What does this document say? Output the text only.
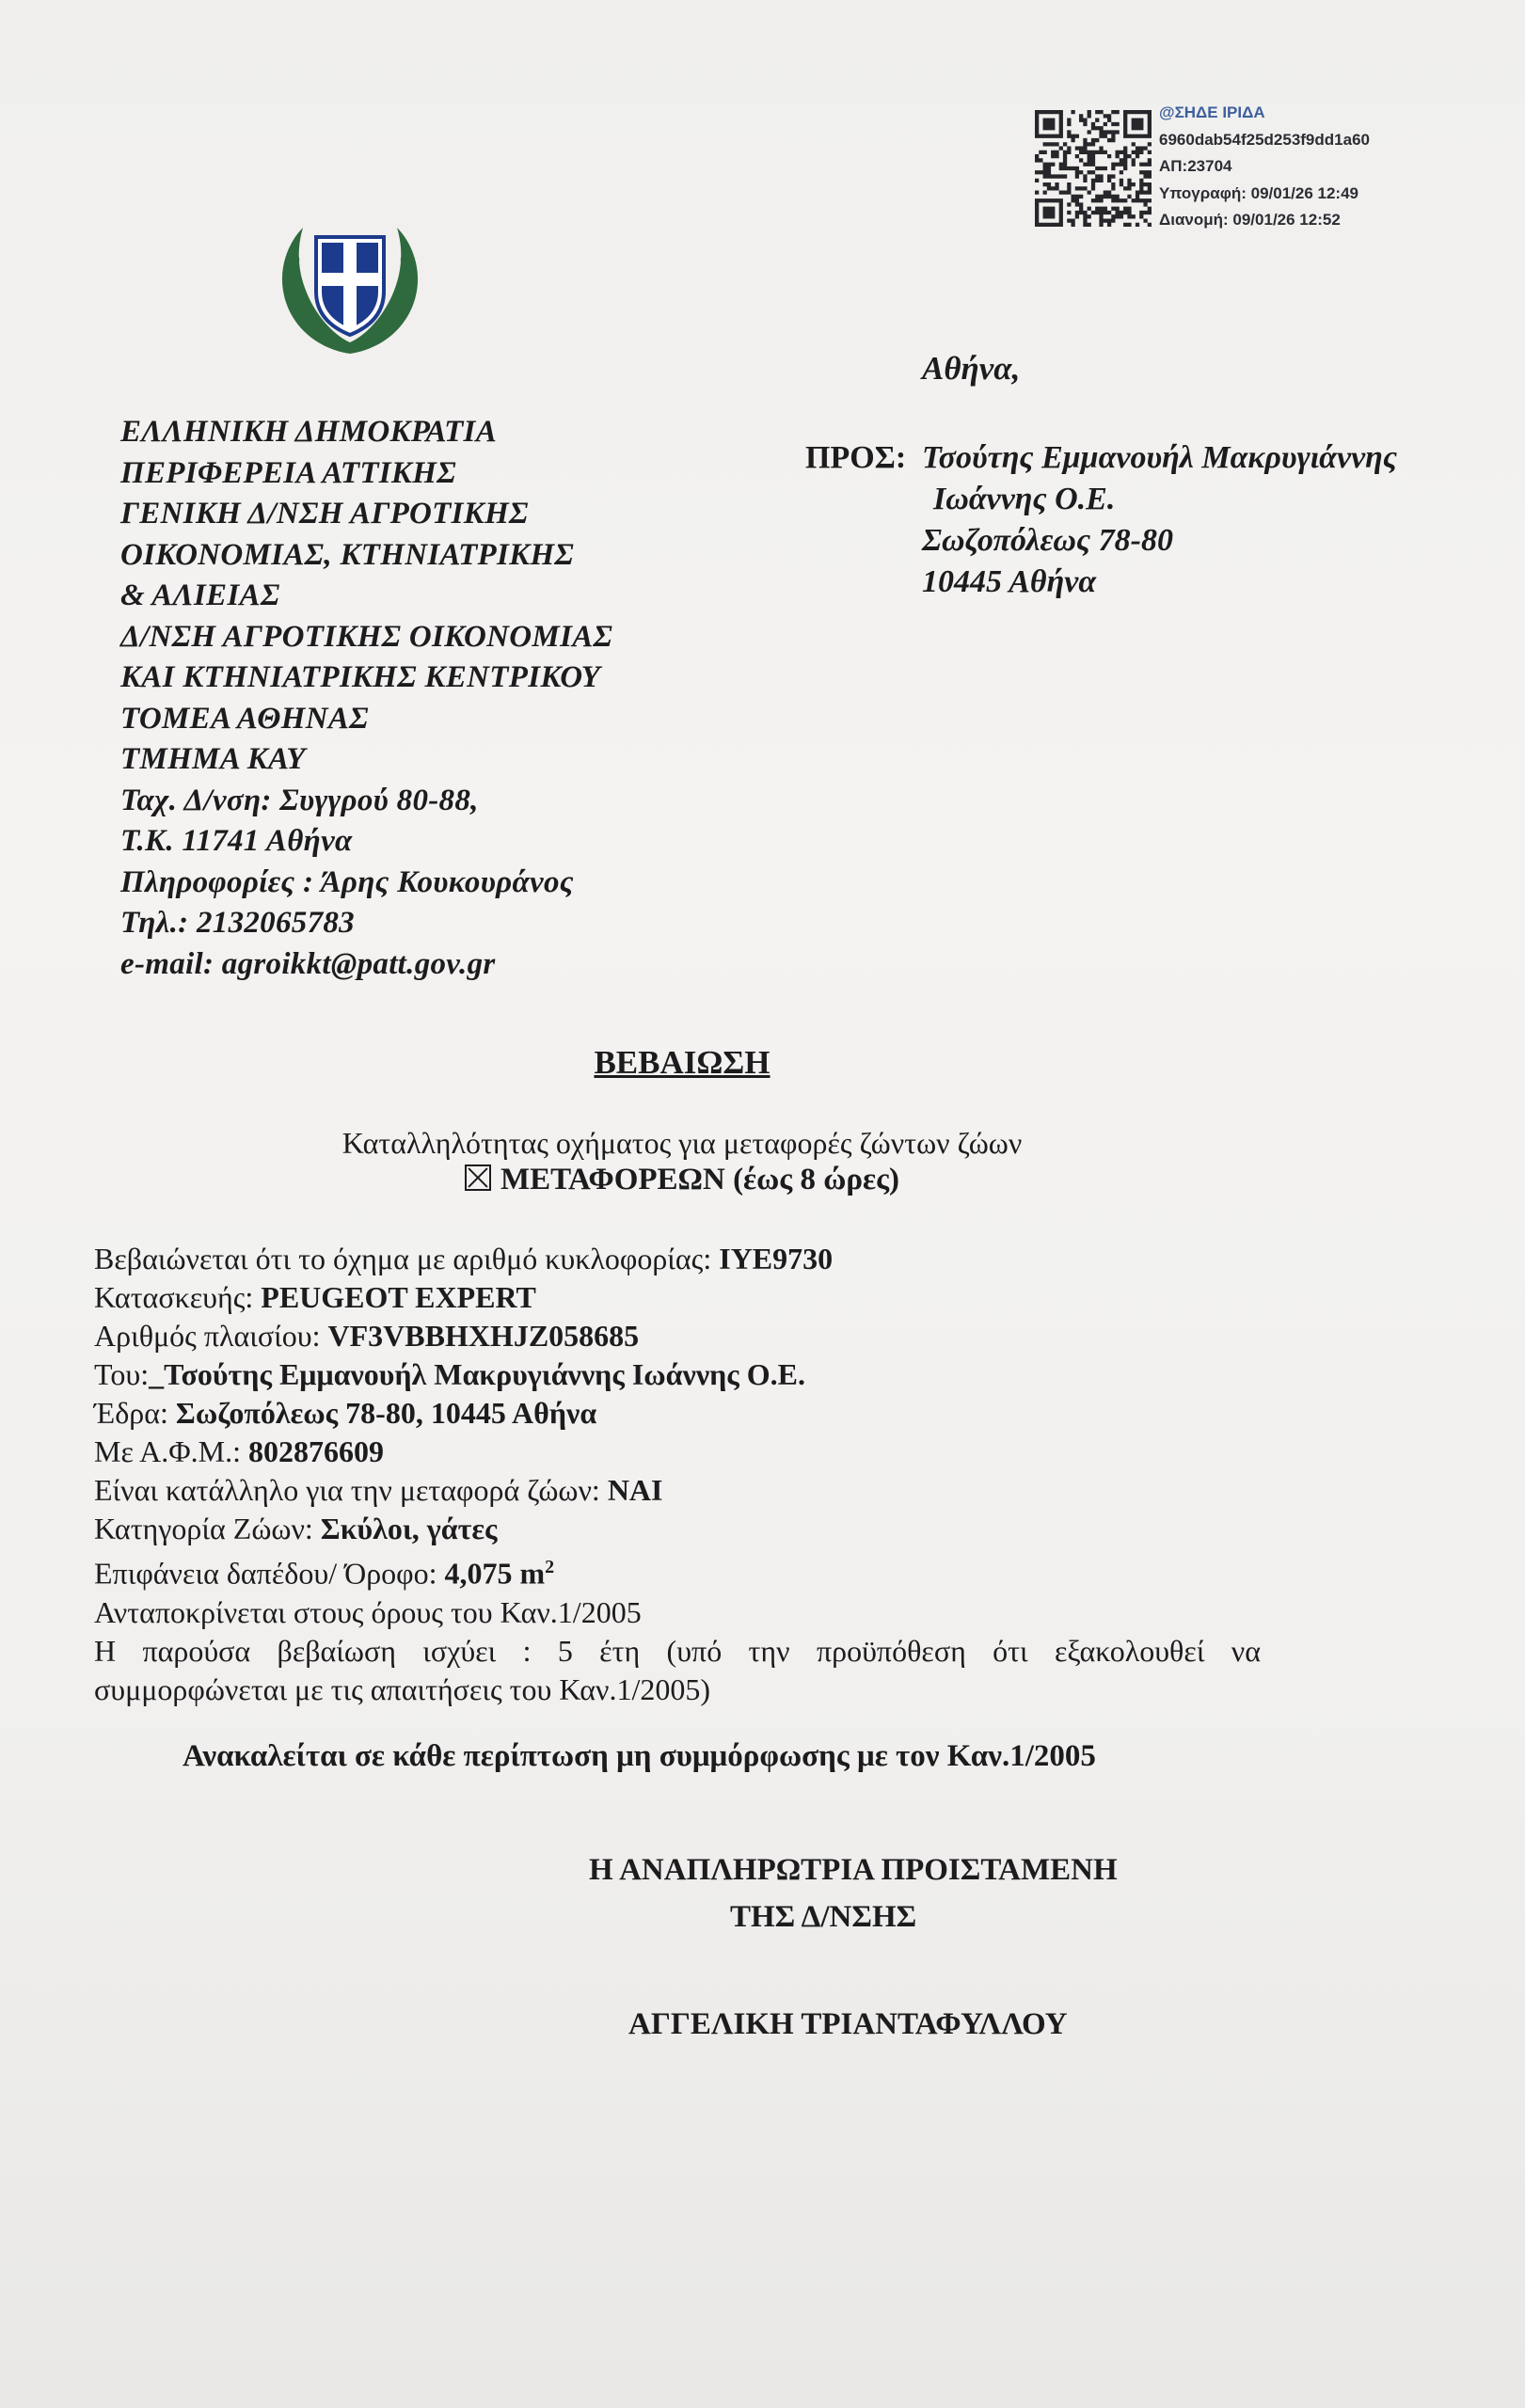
@ΣΗΔΕ ΙΡΙΔΑ
6960dab54f25d253f9dd1a60
ΑΠ:23704
Υπογραφή: 09/01/26 12:49
Διανομή: 09/01/26 12:52
ΕΛΛΗΝΙΚΗ ΔΗΜΟΚΡΑΤΙΑ
ΠΕΡΙΦΕΡΕΙΑ ΑΤΤΙΚΗΣ
ΓΕΝΙΚΗ Δ/ΝΣΗ ΑΓΡΟΤΙΚΗΣ
ΟΙΚΟΝΟΜΙΑΣ, ΚΤΗΝΙΑΤΡΙΚΗΣ
& ΑΛΙΕΙΑΣ
Δ/ΝΣΗ ΑΓΡΟΤΙΚΗΣ ΟΙΚΟΝΟΜΙΑΣ
ΚΑΙ ΚΤΗΝΙΑΤΡΙΚΗΣ ΚΕΝΤΡΙΚΟΥ
ΤΟΜΕΑ ΑΘΗΝΑΣ
ΤΜΗΜΑ ΚΑΥ
Ταχ. Δ/νση: Συγγρού 80-88,
Τ.Κ. 11741 Αθήνα
Πληροφορίες : Άρης Κουκουράνος
Τηλ.: 2132065783
e-mail: agroikkt@patt.gov.gr
Αθήνα,
ΠΡΟΣ: Τσούτης Εμμανουήλ Μακρυγιάννης
Ιωάννης Ο.Ε.
Σωζοπόλεως 78-80
10445 Αθήνα
ΒΕΒΑΙΩΣΗ
Καταλληλότητας οχήματος για μεταφορές ζώντων ζώων
ΜΕΤΑΦΟΡΕΩΝ (έως 8 ώρες)
Βεβαιώνεται ότι το όχημα με αριθμό κυκλοφορίας: ΙΥΕ9730
Κατασκευής: PEUGEOT EXPERT
Αριθμός πλαισίου: VF3VBBHXHJZ058685
Του:_Τσούτης Εμμανουήλ Μακρυγιάννης Ιωάννης Ο.Ε.
Έδρα: Σωζοπόλεως 78-80, 10445 Αθήνα
Με Α.Φ.Μ.: 802876609
Είναι κατάλληλο για την μεταφορά ζώων: ΝΑΙ
Κατηγορία Ζώων: Σκύλοι, γάτες
Επιφάνεια δαπέδου/ Όροφο: 4,075 $m^2$
Ανταποκρίνεται στους όρους του Καν.1/2005
Η παρούσα βεβαίωση ισχύει : 5 έτη (υπό την προϋπόθεση ότι εξακολουθεί να
συμμορφώνεται με τις απαιτήσεις του Καν.1/2005)
Ανακαλείται σε κάθε περίπτωση μη συμμόρφωσης με τον Καν.1/2005
Η ΑΝΑΠΛΗΡΩΤΡΙΑ ΠΡΟΙΣΤΑΜΕΝΗ
ΤΗΣ Δ/ΝΣΗΣ
ΑΓΓΕΛΙΚΗ ΤΡΙΑΝΤΑΦΥΛΛΟΥ
